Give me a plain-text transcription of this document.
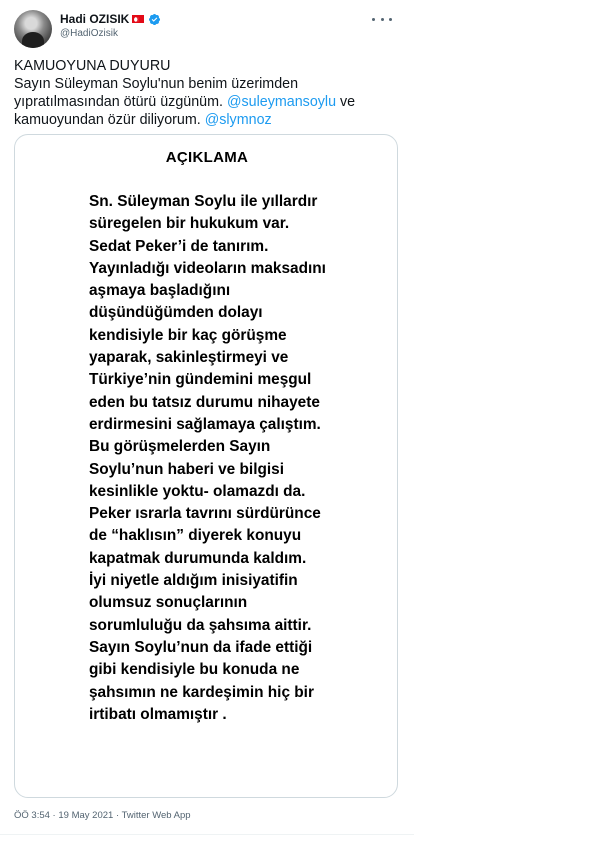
Hadi OZISIK
@HadiOzisik

KAMUOYUNA DUYURU

Sayın Süleyman Soylu'nun benim üzerimden

yıpratılmasından ötürü üzgünüm. @suleymansoylu ve

kamuoyundan özür diliyorum. @slymnoz

AÇIKLAMA
Sn. Süleyman Soylu ile yıllardır
süregelen bir hukukum var.
Sedat Peker’i de tanırım.
Yayınladığı videoların maksadını
aşmaya başladığını
düşündüğümden dolayı
kendisiyle bir kaç görüşme
yaparak, sakinleştirmeyi ve
Türkiye’nin gündemini meşgul
eden bu tatsız durumu nihayete
erdirmesini sağlamaya çalıştım.
Bu görüşmelerden Sayın
Soylu’nun haberi ve bilgisi
kesinlikle yoktu- olamazdı da.
Peker ısrarla tavrını sürdürünce
de “haklısın” diyerek konuyu
kapatmak durumunda kaldım.
İyi niyetle aldığım inisiyatifin
olumsuz sonuçlarının
sorumluluğu da şahsıma aittir.
Sayın Soylu’nun da ifade ettiği
gibi kendisiyle bu konuda ne
şahsımın ne kardeşimin hiç bir
irtibatı olmamıştır .
ÖÖ 3:54 · 19 May 2021 · Twitter Web App
